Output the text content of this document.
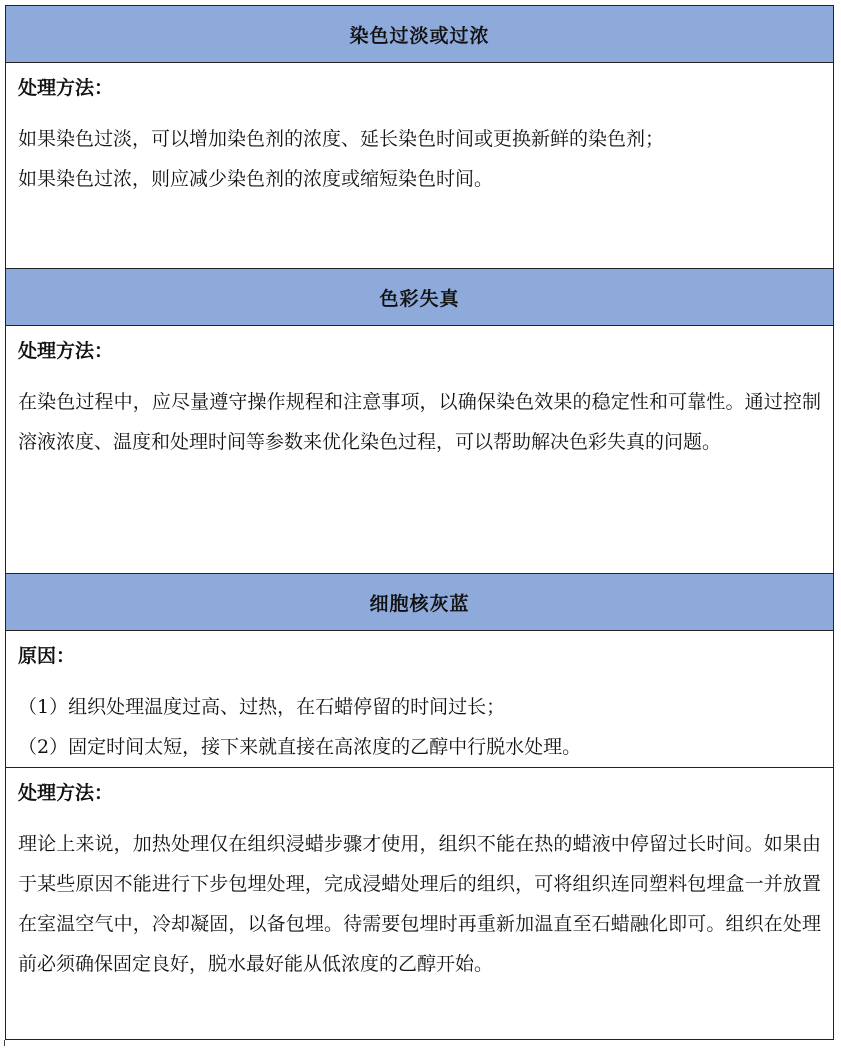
染色过淡或过浓

处理方法：

如果染色过淡，可以增加染色剂的浓度、延长染色时间或更换新鲜的染色剂；
如果染色过浓，则应减少染色剂的浓度或缩短染色时间。

色彩失真

处理方法：

在染色过程中，应尽量遵守操作规程和注意事项，以确保染色效果的稳定性和可靠性。通过控制溶液浓度、温度和处理时间等参数来优化染色过程，可以帮助解决色彩失真的问题。

细胞核灰蓝

原因：

（1）组织处理温度过高、过热，在石蜡停留的时间过长；
（2）固定时间太短，接下来就直接在高浓度的乙醇中行脱水处理。

处理方法：

理论上来说，加热处理仅在组织浸蜡步骤才使用，组织不能在热的蜡液中停留过长时间。如果由于某些原因不能进行下步包埋处理，完成浸蜡处理后的组织，可将组织连同塑料包埋盒一并放置在室温空气中，冷却凝固，以备包埋。待需要包埋时再重新加温直至石蜡融化即可。组织在处理前必须确保固定良好，脱水最好能从低浓度的乙醇开始。
